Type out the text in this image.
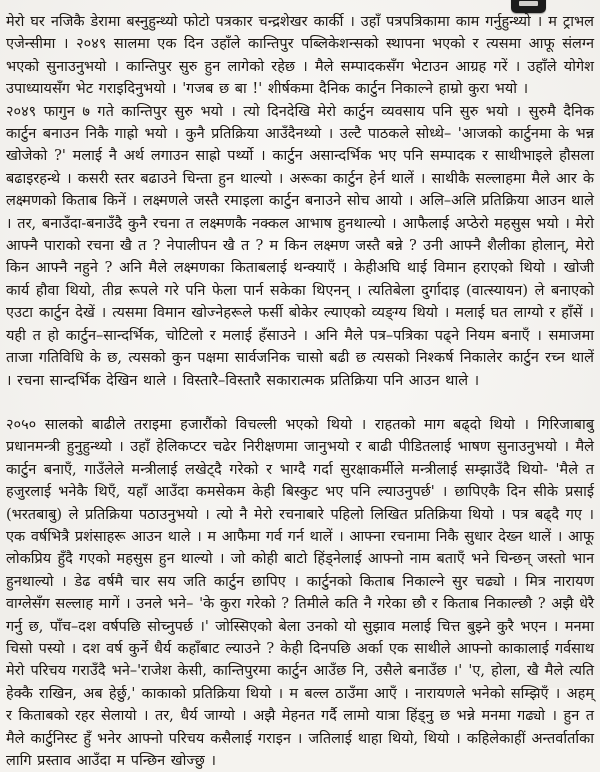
मेरो घर नजिकै डेरामा बस्नुहुन्थ्यो फोटो पत्रकार चन्द्रशेखर कार्की । उहाँ पत्रपत्रिकामा काम गर्नुहुन्थ्यो । म ट्राभल एजेन्सीमा । २०४९ सालमा एक दिन उहाँले कान्तिपुर पब्लिकेशन्सको स्थापना भएको र त्यसमा आफू संलग्न भएको सुनाउनुभयो । कान्तिपुर सुरु हुन लागेको रहेछ । मैले सम्पादकसँग भेटाउन आग्रह गरें । उहाँले योगेश उपाध्यायसँग भेट गराइदिनुभयो । 'गजब छ बा !' शीर्षकमा दैनिक कार्टुन निकाल्ने हाम्रो कुरा भयो ।

२०४९ फागुन ७ गते कान्तिपुर सुरु भयो । त्यो दिनदेखि मेरो कार्टुन व्यवसाय पनि सुरु भयो । सुरुमै दैनिक कार्टुन बनाउन निकै गाह्रो भयो । कुनै प्रतिक्रिया आउँदैनथ्यो । उल्टै पाठकले सोध्थे– 'आजको कार्टुनमा के भन्न खोजेको ?' मलाई नै अर्थ लगाउन साह्रो पर्थ्यो । कार्टुन असान्दर्भिक भए पनि सम्पादक र साथीभाइले हौसला बढाइरहन्थे । कसरी स्तर बढाउने चिन्ता हुन थाल्यो । अरूका कार्टुन हेर्न थालें । साथीकै सल्लाहमा मैले आर के लक्ष्मणको किताब किनें । लक्ष्मणले जस्तै रमाइला कार्टुन बनाउने सोच आयो । अलि–अलि प्रतिक्रिया आउन थाले । तर, बनाउँदा-बनाउँदै कुनै रचना त लक्ष्मणकै नक्कल आभाष हुनथाल्यो । आफैलाई अप्ठेरो महसुस भयो । मेरो आफ्नै पाराको रचना खै त ? नेपालीपन खै त ? म किन लक्ष्मण जस्तै बन्ने ? उनी आफ्नै शैलीका होलान्, मेरो किन आफ्नै नहुने ? अनि मैले लक्ष्मणका किताबलाई थन्क्याएँ । केहीअघि थाई विमान हराएको थियो । खोजी कार्य हौवा थियो, तीव्र रूपले गरे पनि फेला पार्न सकेका थिएनन् । त्यतिबेला दुर्गादाइ (वात्स्यायन) ले बनाएको एउटा कार्टुन देखें । त्यसमा विमान खोज्नेहरूले फर्सी बोकेर ल्याएको व्यङ्ग्य थियो । मलाई घत लाग्यो र हाँसें । यही त हो कार्टुन–सान्दर्भिक, चोटिलो र मलाई हँसाउने । अनि मैले पत्र–पत्रिका पढ्ने नियम बनाएँ । समाजमा ताजा गतिविधि के छ, त्यसको कुन पक्षमा सार्वजनिक चासो बढी छ त्यसको निश्कर्ष निकालेर कार्टुन रच्न थालें । रचना सान्दर्भिक देखिन थाले । विस्तारै–विस्तारै सकारात्मक प्रतिक्रिया पनि आउन थाले ।

२०५० सालको बाढीले तराइमा हजारौंको विचल्ली भएको थियो । राहतको माग बढ्दो थियो । गिरिजाबाबु प्रधानमन्त्री हुनुहुन्थ्यो । उहाँ हेलिकप्टर चढेर निरीक्षणमा जानुभयो र बाढी पीडितलाई भाषण सुनाउनुभयो । मैले कार्टुन बनाएँ, गाउँलेले मन्त्रीलाई लखेट्दै गरेको र भाग्दै गर्दा सुरक्षाकर्मीले मन्त्रीलाई सम्झाउँदै थियो- 'मैले त हजुरलाई भनेकै थिएँ, यहाँ आउँदा कमसेकम केही बिस्कुट भए पनि ल्याउनुपर्छ' । छापिएकै दिन सीके प्रसाई (भरतबाबु) ले प्रतिक्रिया पठाउनुभयो । त्यो नै मेरो रचनाबारे पहिलो लिखित प्रतिक्रिया थियो । पत्र बढ्दै गए । एक वर्षभित्रै प्रशंसाहरू आउन थाले । म आफैमा गर्व गर्न थालें । आफ्ना रचनामा निकै सुधार देख्न थालें । आफू लोकप्रिय हुँदै गएको महसुस हुन थाल्यो । जो कोही बाटो हिंड्नेलाई आफ्नो नाम बताएँ भने चिन्छन् जस्तो भान हुनथाल्यो । डेढ वर्षमै चार सय जति कार्टुन छापिए । कार्टुनको किताब निकाल्ने सुर चढ्यो । मित्र नारायण वाग्लेसँग सल्लाह मागें । उनले भने– 'के कुरा गरेको ? तिमीले कति नै गरेका छौ र किताब निकाल्छौ ? अझै धेरै गर्नु छ, पाँच–दश वर्षपछि सोच्नुपर्छ ।' जोस्सिएको बेला उनको यो सुझाव मलाई चित्त बुझ्ने कुरै भएन । मनमा चिसो पस्यो । दश वर्ष कुर्ने धैर्य कहाँबाट ल्याउने ? केही दिनपछि अर्का एक साथीले आफ्नो काकालाई गर्वसाथ मेरो परिचय गराउँदै भने–'राजेश केसी, कान्तिपुरमा कार्टुन आउँछ नि, उसैले बनाउँछ ।' 'ए, होला, खै मैले त्यति हेक्कै राखिन, अब हेर्छु,' काकाको प्रतिक्रिया थियो । म बल्ल ठाउँमा आएँ । नारायणले भनेको सम्झिएँ । अहम् र किताबको रहर सेलायो । तर, धैर्य जाग्यो । अझै मेहनत गर्दै लामो यात्रा हिंड्नु छ भन्ने मनमा गढ्यो । हुन त मैले कार्टुनिस्ट हुँ भनेर आफ्नो परिचय कसैलाई गराइन । जतिलाई थाहा थियो, थियो । कहिलेकाहीं अन्तर्वार्ताका लागि प्रस्ताव आउँदा म पन्छिन खोज्छु ।
